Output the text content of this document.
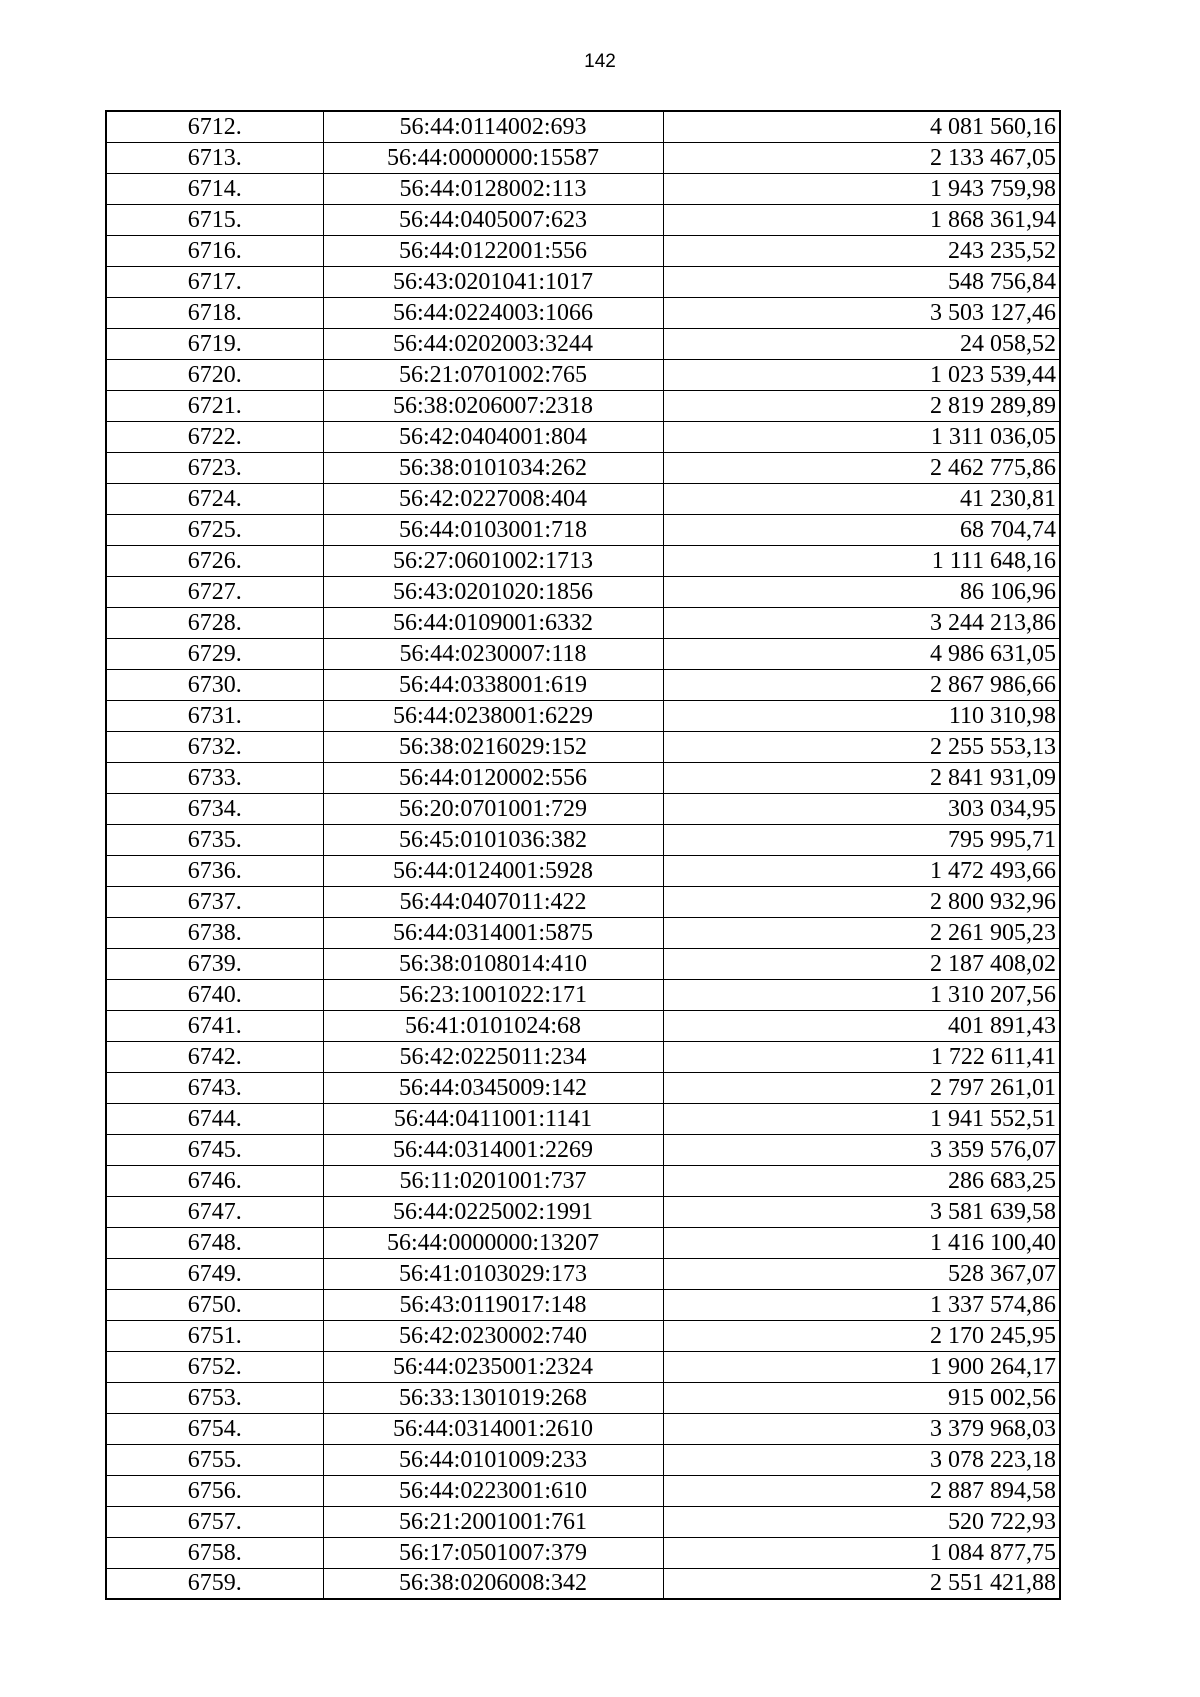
142
6712.	56:44:0114002:693	4 081 560,16
6713.	56:44:0000000:15587	2 133 467,05
6714.	56:44:0128002:113	1 943 759,98
6715.	56:44:0405007:623	1 868 361,94
6716.	56:44:0122001:556	243 235,52
6717.	56:43:0201041:1017	548 756,84
6718.	56:44:0224003:1066	3 503 127,46
6719.	56:44:0202003:3244	24 058,52
6720.	56:21:0701002:765	1 023 539,44
6721.	56:38:0206007:2318	2 819 289,89
6722.	56:42:0404001:804	1 311 036,05
6723.	56:38:0101034:262	2 462 775,86
6724.	56:42:0227008:404	41 230,81
6725.	56:44:0103001:718	68 704,74
6726.	56:27:0601002:1713	1 111 648,16
6727.	56:43:0201020:1856	86 106,96
6728.	56:44:0109001:6332	3 244 213,86
6729.	56:44:0230007:118	4 986 631,05
6730.	56:44:0338001:619	2 867 986,66
6731.	56:44:0238001:6229	110 310,98
6732.	56:38:0216029:152	2 255 553,13
6733.	56:44:0120002:556	2 841 931,09
6734.	56:20:0701001:729	303 034,95
6735.	56:45:0101036:382	795 995,71
6736.	56:44:0124001:5928	1 472 493,66
6737.	56:44:0407011:422	2 800 932,96
6738.	56:44:0314001:5875	2 261 905,23
6739.	56:38:0108014:410	2 187 408,02
6740.	56:23:1001022:171	1 310 207,56
6741.	56:41:0101024:68	401 891,43
6742.	56:42:0225011:234	1 722 611,41
6743.	56:44:0345009:142	2 797 261,01
6744.	56:44:0411001:1141	1 941 552,51
6745.	56:44:0314001:2269	3 359 576,07
6746.	56:11:0201001:737	286 683,25
6747.	56:44:0225002:1991	3 581 639,58
6748.	56:44:0000000:13207	1 416 100,40
6749.	56:41:0103029:173	528 367,07
6750.	56:43:0119017:148	1 337 574,86
6751.	56:42:0230002:740	2 170 245,95
6752.	56:44:0235001:2324	1 900 264,17
6753.	56:33:1301019:268	915 002,56
6754.	56:44:0314001:2610	3 379 968,03
6755.	56:44:0101009:233	3 078 223,18
6756.	56:44:0223001:610	2 887 894,58
6757.	56:21:2001001:761	520 722,93
6758.	56:17:0501007:379	1 084 877,75
6759.	56:38:0206008:342	2 551 421,88
